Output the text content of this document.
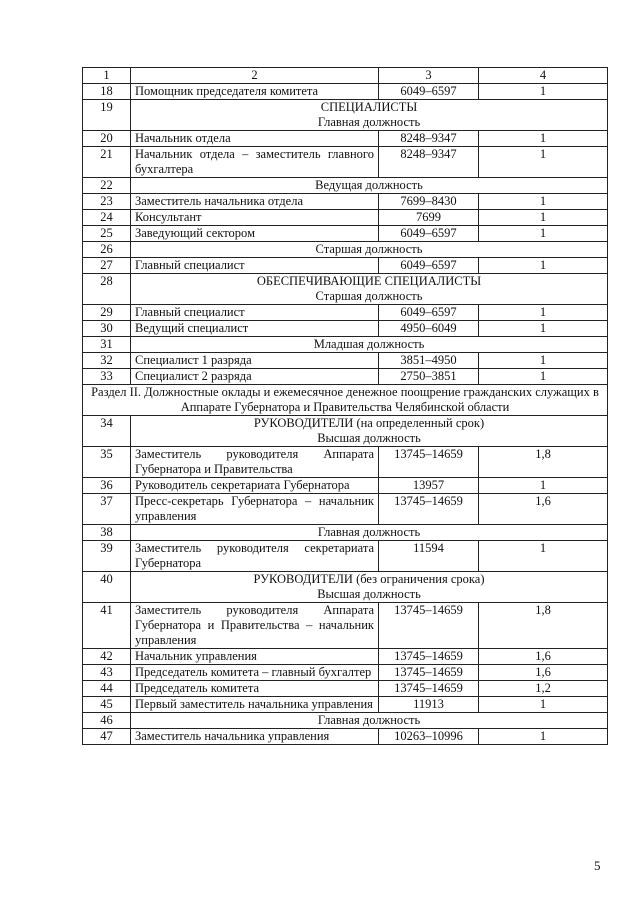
1	2	3	4
18	Помощник председателя комитета	6049–6597	1
19	СПЕЦИАЛИСТЫ
Главная должность		

20	Начальник отдела	8248–9347	1
21	Начальник отдела – заместитель главного бухгалтера	8248–9347	1
22	Ведущая должность		

23	Заместитель начальника отдела	7699–8430	1
24	Консультант	7699	1
25	Заведующий сектором	6049–6597	1
26	Старшая должность		

27	Главный специалист	6049–6597	1
28	ОБЕСПЕЧИВАЮЩИЕ СПЕЦИАЛИСТЫ
Старшая должность		

29	Главный специалист	6049–6597	1
30	Ведущий специалист	4950–6049	1
31	Младшая должность		

32	Специалист 1 разряда	3851–4950	1
33	Специалист 2 разряда	2750–3851	1
Раздел II. Должностные оклады и ежемесячное денежное поощрение гражданских служащих в Аппарате Губернатора и Правительства Челябинской области			
34	РУКОВОДИТЕЛИ (на определенный срок)
Высшая должность		

35	Заместитель руководителя Аппарата Губернатора и Правительства	13745–14659	1,8
36	Руководитель секретариата Губернатора	13957	1
37	Пресс-секретарь Губернатора – начальник управления	13745–14659	1,6
38	Главная должность		

39	Заместитель руководителя секретариата Губернатора	11594	1
40	РУКОВОДИТЕЛИ (без ограничения срока)
Высшая должность		

41	Заместитель руководителя Аппарата Губернатора и Правительства – начальник управления	13745–14659	1,8
42	Начальник управления	13745–14659	1,6
43	Председатель комитета – главный бухгалтер	13745–14659	1,6
44	Председатель комитета	13745–14659	1,2
45	Первый заместитель начальника управления	11913	1
46	Главная должность		

47	Заместитель начальника управления	10263–10996	1
5
